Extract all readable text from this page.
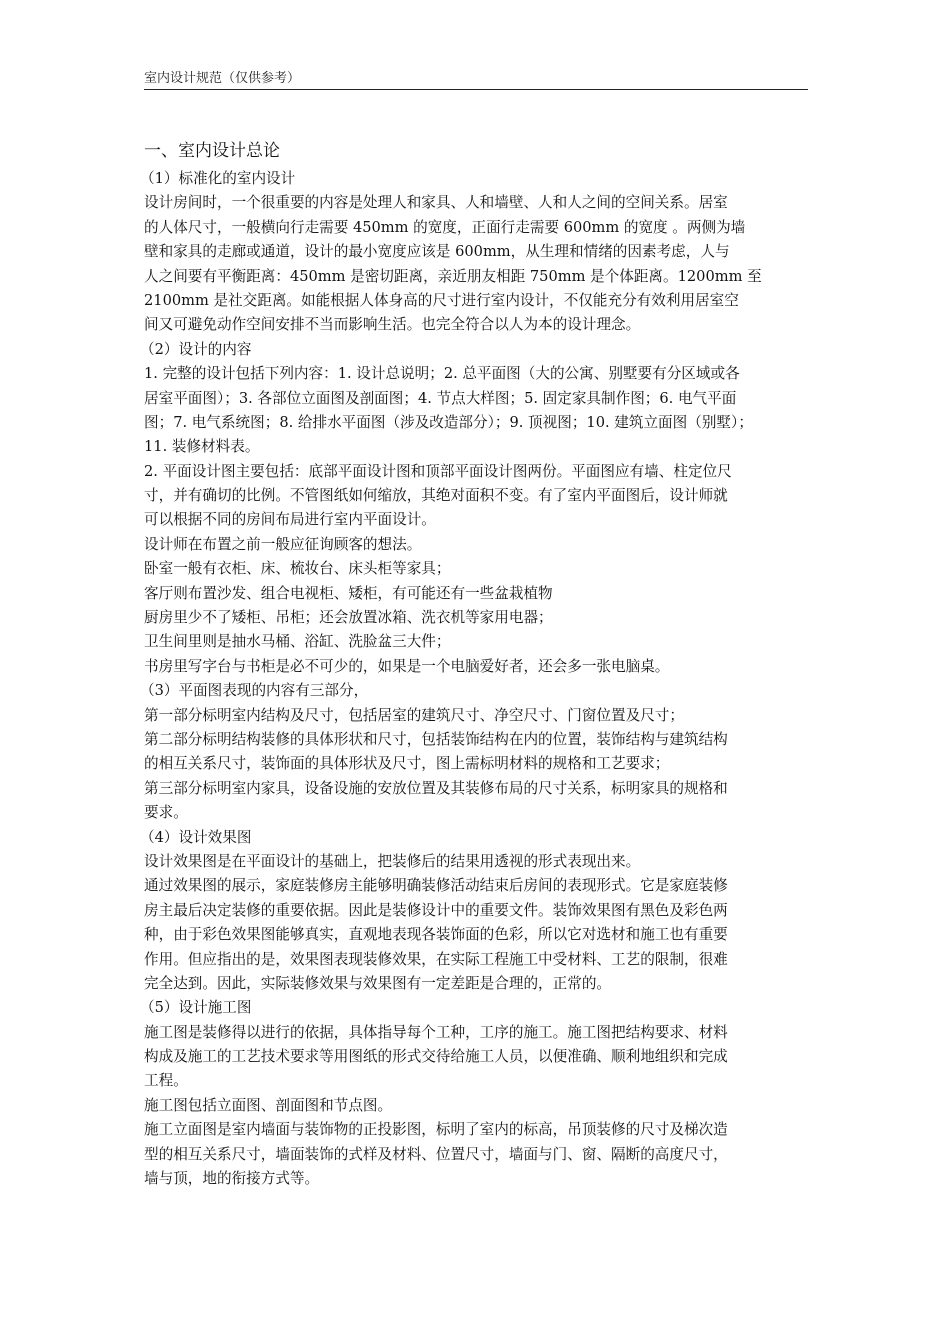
室内设计规范（仅供参考）
一、室内设计总论
（1）标准化的室内设计
设计房间时，一个很重要的内容是处理人和家具、人和墙壁、人和人之间的空间关系。居室
的人体尺寸，一般横向行走需要 450mm 的宽度，正面行走需要 600mm 的宽度 。两侧为墙
壁和家具的走廊或通道，设计的最小宽度应该是 600mm，从生理和情绪的因素考虑，人与
人之间要有平衡距离：450mm 是密切距离，亲近朋友相距 750mm 是个体距离。1200mm 至
2100mm 是社交距离。如能根据人体身高的尺寸进行室内设计，不仅能充分有效利用居室空
间又可避免动作空间安排不当而影响生活。也完全符合以人为本的设计理念。
（2）设计的内容
1. 完整的设计包括下列内容：1. 设计总说明；2. 总平面图（大的公寓、别墅要有分区域或各
居室平面图）；3. 各部位立面图及剖面图；4. 节点大样图；5. 固定家具制作图；6. 电气平面
图；7. 电气系统图；8. 给排水平面图（涉及改造部分）；9. 顶视图；10. 建筑立面图（别墅）；
11. 装修材料表。
2. 平面设计图主要包括：底部平面设计图和顶部平面设计图两份。平面图应有墙、柱定位尺
寸，并有确切的比例。不管图纸如何缩放，其绝对面积不变。有了室内平面图后，设计师就
可以根据不同的房间布局进行室内平面设计。
设计师在布置之前一般应征询顾客的想法。
卧室一般有衣柜、床、梳妆台、床头柜等家具；
客厅则布置沙发、组合电视柜、矮柜，有可能还有一些盆栽植物
厨房里少不了矮柜、吊柜；还会放置冰箱、洗衣机等家用电器；
卫生间里则是抽水马桶、浴缸、洗脸盆三大件；
书房里写字台与书柜是必不可少的，如果是一个电脑爱好者，还会多一张电脑桌。
（3）平面图表现的内容有三部分，
第一部分标明室内结构及尺寸，包括居室的建筑尺寸、净空尺寸、门窗位置及尺寸；
第二部分标明结构装修的具体形状和尺寸，包括装饰结构在内的位置，装饰结构与建筑结构
的相互关系尺寸，装饰面的具体形状及尺寸，图上需标明材料的规格和工艺要求；
第三部分标明室内家具，设备设施的安放位置及其装修布局的尺寸关系，标明家具的规格和
要求。
（4）设计效果图
设计效果图是在平面设计的基础上，把装修后的结果用透视的形式表现出来。
通过效果图的展示，家庭装修房主能够明确装修活动结束后房间的表现形式。它是家庭装修
房主最后决定装修的重要依据。因此是装修设计中的重要文件。装饰效果图有黑色及彩色两
种，由于彩色效果图能够真实，直观地表现各装饰面的色彩，所以它对选材和施工也有重要
作用。但应指出的是，效果图表现装修效果，在实际工程施工中受材料、工艺的限制，很难
完全达到。因此，实际装修效果与效果图有一定差距是合理的，正常的。
（5）设计施工图
施工图是装修得以进行的依据，具体指导每个工种，工序的施工。施工图把结构要求、材料
构成及施工的工艺技术要求等用图纸的形式交待给施工人员，以便准确、顺利地组织和完成
工程。
施工图包括立面图、剖面图和节点图。
施工立面图是室内墙面与装饰物的正投影图，标明了室内的标高，吊顶装修的尺寸及梯次造
型的相互关系尺寸，墙面装饰的式样及材料、位置尺寸，墙面与门、窗、隔断的高度尺寸，
墙与顶，地的衔接方式等。
